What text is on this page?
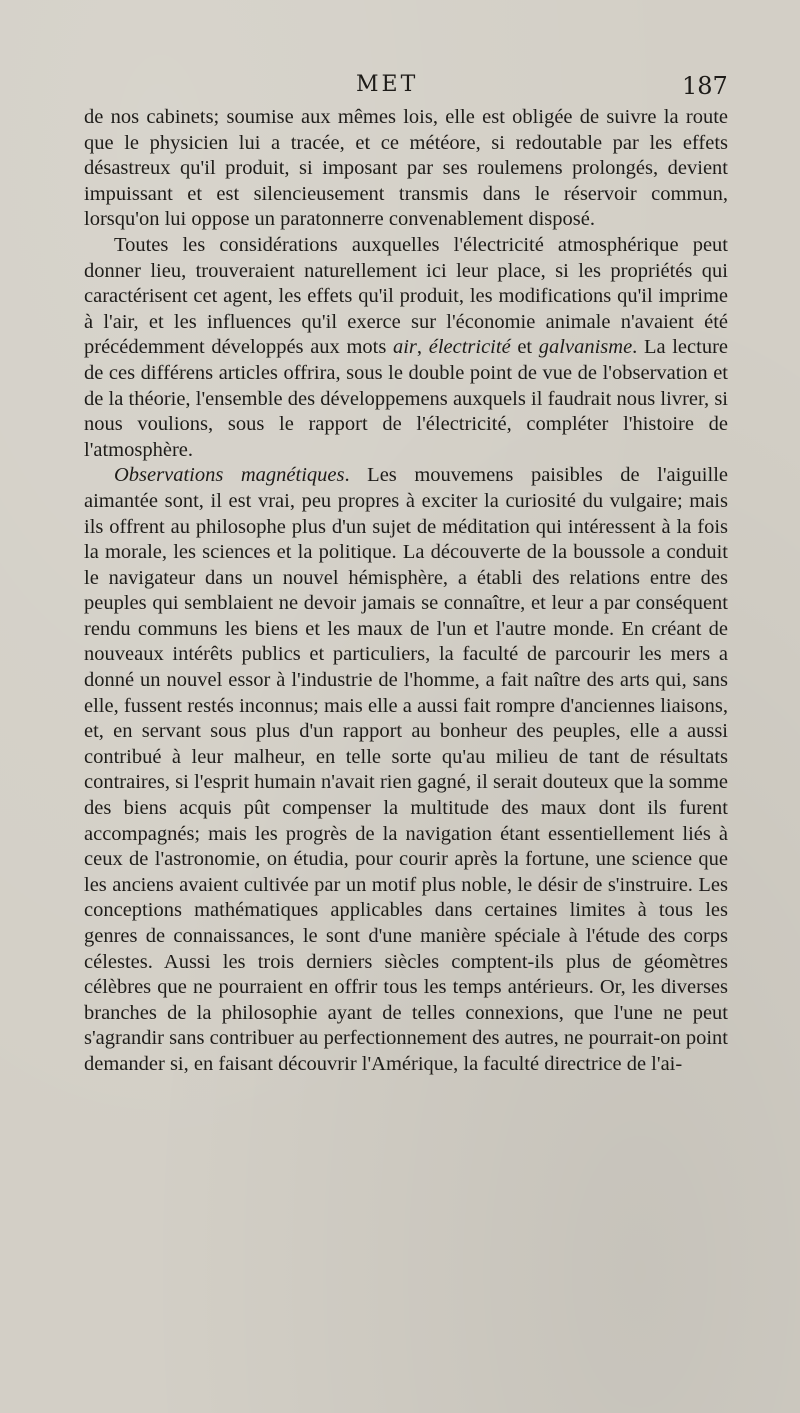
MET	187

de nos cabinets; soumise aux mêmes lois, elle est obligée de suivre la route que le physicien lui a tracée, et ce météore, si redoutable par les effets désastreux qu'il produit, si imposant par ses roulemens prolongés, devient impuissant et est silencieusement transmis dans le réservoir commun, lorsqu'on lui oppose un paratonnerre convenablement disposé.

Toutes les considérations auxquelles l'électricité atmosphérique peut donner lieu, trouveraient naturellement ici leur place, si les propriétés qui caractérisent cet agent, les effets qu'il produit, les modifications qu'il imprime à l'air, et les influences qu'il exerce sur l'économie animale n'avaient été précédemment développés aux mots air, électricité et galvanisme. La lecture de ces différens articles offrira, sous le double point de vue de l'observation et de la théorie, l'ensemble des développemens auxquels il faudrait nous livrer, si nous voulions, sous le rapport de l'électricité, compléter l'histoire de l'atmosphère.

Observations magnétiques. Les mouvemens paisibles de l'aiguille aimantée sont, il est vrai, peu propres à exciter la curiosité du vulgaire; mais ils offrent au philosophe plus d'un sujet de méditation qui intéressent à la fois la morale, les sciences et la politique. La découverte de la boussole a conduit le navigateur dans un nouvel hémisphère, a établi des relations entre des peuples qui semblaient ne devoir jamais se connaître, et leur a par conséquent rendu communs les biens et les maux de l'un et l'autre monde. En créant de nouveaux intérêts publics et particuliers, la faculté de parcourir les mers a donné un nouvel essor à l'industrie de l'homme, a fait naître des arts qui, sans elle, fussent restés inconnus; mais elle a aussi fait rompre d'anciennes liaisons, et, en servant sous plus d'un rapport au bonheur des peuples, elle a aussi contribué à leur malheur, en telle sorte qu'au milieu de tant de résultats contraires, si l'esprit humain n'avait rien gagné, il serait douteux que la somme des biens acquis pût compenser la multitude des maux dont ils furent accompagnés; mais les progrès de la navigation étant essentiellement liés à ceux de l'astronomie, on étudia, pour courir après la fortune, une science que les anciens avaient cultivée par un motif plus noble, le désir de s'instruire. Les conceptions mathématiques applicables dans certaines limites à tous les genres de connaissances, le sont d'une manière spéciale à l'étude des corps célestes. Aussi les trois derniers siècles comptent-ils plus de géomètres célèbres que ne pourraient en offrir tous les temps antérieurs. Or, les diverses branches de la philosophie ayant de telles connexions, que l'une ne peut s'agrandir sans contribuer au perfectionnement des autres, ne pourrait-on point demander si, en faisant découvrir l'Amérique, la faculté directrice de l'ai-
